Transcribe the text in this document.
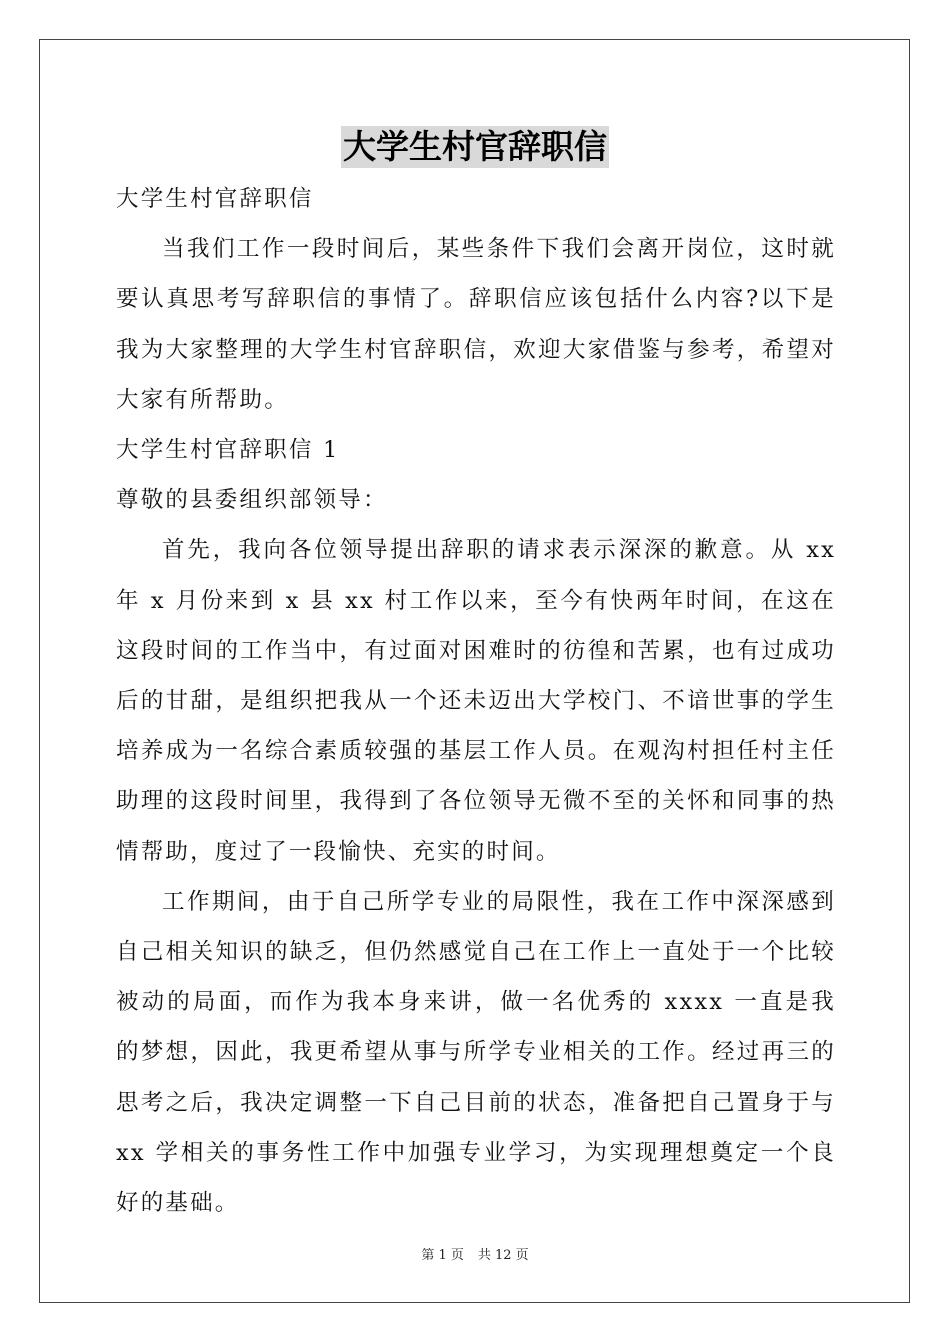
大学生村官辞职信

大学生村官辞职信

当我们工作一段时间后，某些条件下我们会离开岗位，这时就要认真思考写辞职信的事情了。辞职信应该包括什么内容?以下是我为大家整理的大学生村官辞职信，欢迎大家借鉴与参考，希望对大家有所帮助。

大学生村官辞职信 1

尊敬的县委组织部领导：

首先，我向各位领导提出辞职的请求表示深深的歉意。从 xx 年 x 月份来到 x 县 xx 村工作以来，至今有快两年时间，在这在这段时间的工作当中，有过面对困难时的彷徨和苦累，也有过成功后的甘甜，是组织把我从一个还未迈出大学校门、不谙世事的学生培养成为一名综合素质较强的基层工作人员。在观沟村担任村主任助理的这段时间里，我得到了各位领导无微不至的关怀和同事的热情帮助，度过了一段愉快、充实的时间。

工作期间，由于自己所学专业的局限性，我在工作中深深感到自己相关知识的缺乏，但仍然感觉自己在工作上一直处于一个比较被动的局面，而作为我本身来讲，做一名优秀的 xxxx 一直是我的梦想，因此，我更希望从事与所学专业相关的工作。经过再三的思考之后，我决定调整一下自己目前的状态，准备把自己置身于与 xx 学相关的事务性工作中加强专业学习，为实现理想奠定一个良好的基础。

第 1 页 共 12 页
